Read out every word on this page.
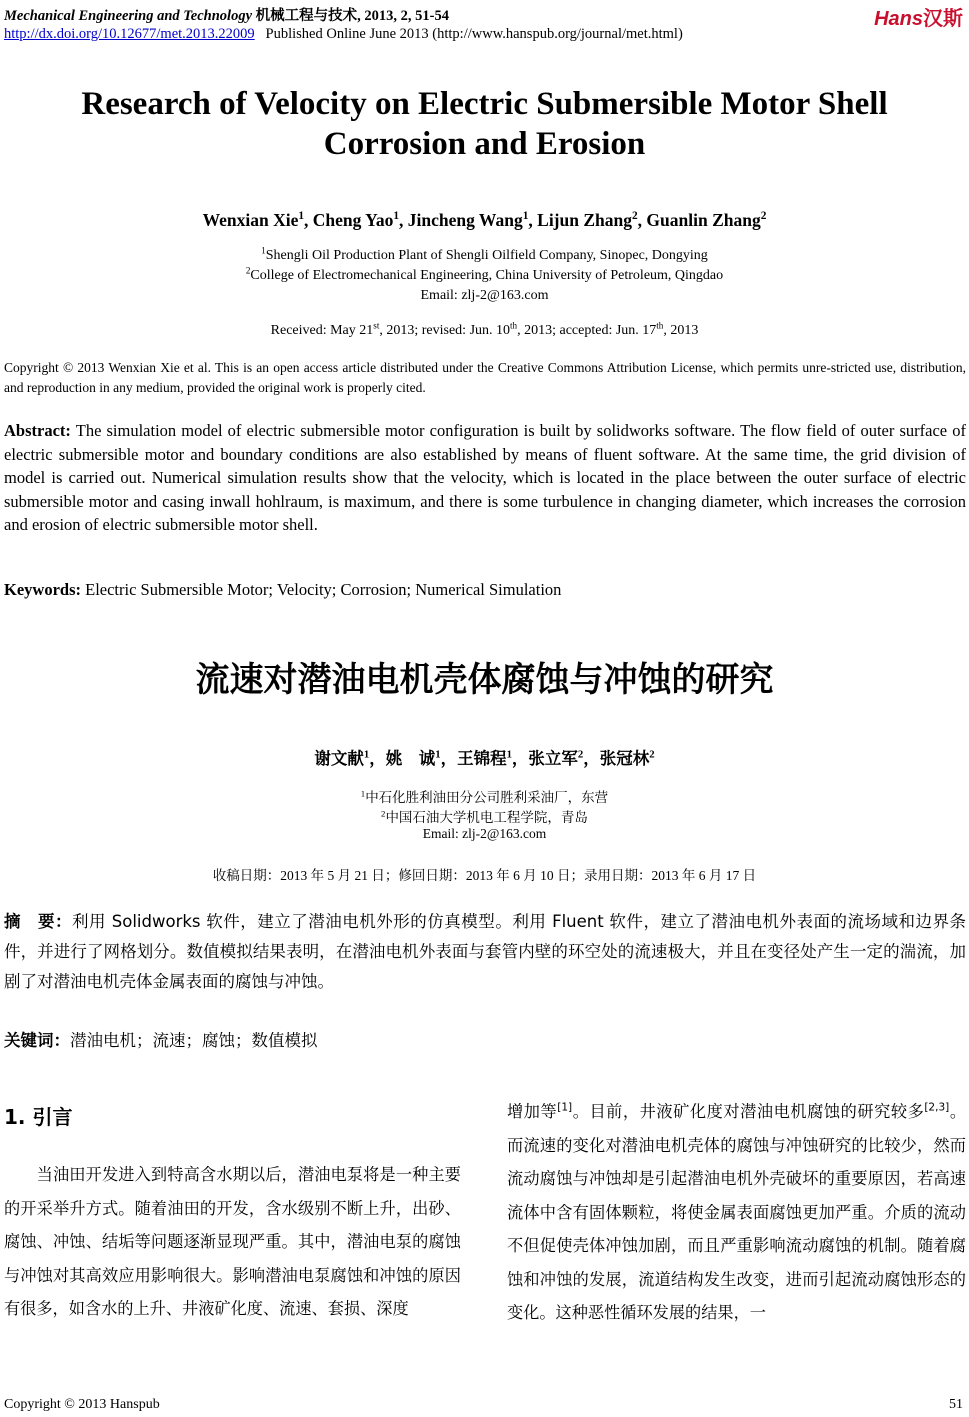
Mechanical Engineering and Technology 机械工程与技术, 2013, 2, 51-54
http://dx.doi.org/10.12677/met.2013.22009 Published Online June 2013 (http://www.hanspub.org/journal/met.html)
Hans汉斯
Research of Velocity on Electric Submersible Motor Shell
Corrosion and Erosion
Wenxian Xie$^1$, Cheng Yao$^1$, Jincheng Wang$^1$, Lijun Zhang$^2$, Guanlin Zhang$^2$
$^1$Shengli Oil Production Plant of Shengli Oilfield Company, Sinopec, Dongying
$^2$College of Electromechanical Engineering, China University of Petroleum, Qingdao
Email: zlj-2@163.com
Received: May 21st, 2013; revised: Jun. 10th, 2013; accepted: Jun. 17th, 2013
Copyright © 2013 Wenxian Xie et al. This is an open access article distributed under the Creative Commons Attribution License, which permits unre-stricted use, distribution, and reproduction in any medium, provided the original work is properly cited.
Abstract: The simulation model of electric submersible motor configuration is built by solidworks software. The flow field of outer surface of electric submersible motor and boundary conditions are also established by means of fluent software. At the same time, the grid division of model is carried out. Numerical simulation results show that the velocity, which is located in the place between the outer surface of electric submersible motor and casing inwall hohlraum, is maximum, and there is some turbulence in changing diameter, which increases the corrosion and erosion of electric submersible motor shell.
Keywords: Electric Submersible Motor; Velocity; Corrosion; Numerical Simulation
流速对潜油电机壳体腐蚀与冲蚀的研究
谢文献$^1$，姚　诚$^1$，王锦程$^1$，张立军$^2$，张冠林$^2$
$^1$中石化胜利油田分公司胜利采油厂，东营
$^2$中国石油大学机电工程学院，青岛
Email: zlj-2@163.com
收稿日期：2013 年 5 月 21 日；修回日期：2013 年 6 月 10 日；录用日期：2013 年 6 月 17 日
摘　要：利用 Solidworks 软件，建立了潜油电机外形的仿真模型。利用 Fluent 软件，建立了潜油电机外表面的流场域和边界条件，并进行了网格划分。数值模拟结果表明，在潜油电机外表面与套管内壁的环空处的流速极大，并且在变径处产生一定的湍流，加剧了对潜油电机壳体金属表面的腐蚀与冲蚀。
关键词：潜油电机；流速；腐蚀；数值模拟
1. 引言
　　当油田开发进入到特高含水期以后，潜油电泵将是一种主要的开采举升方式。随着油田的开发，含水级别不断上升，出砂、腐蚀、冲蚀、结垢等问题逐渐显现严重。其中，潜油电泵的腐蚀与冲蚀对其高效应用影响很大。影响潜油电泵腐蚀和冲蚀的原因有很多，如含水的上升、井液矿化度、流速、套损、深度
增加等[1]。目前，井液矿化度对潜油电机腐蚀的研究较多[2,3]。而流速的变化对潜油电机壳体的腐蚀与冲蚀研究的比较少，然而流动腐蚀与冲蚀却是引起潜油电机外壳破坏的重要原因，若高速流体中含有固体颗粒，将使金属表面腐蚀更加严重。介质的流动不但促使壳体冲蚀加剧，而且严重影响流动腐蚀的机制。随着腐蚀和冲蚀的发展，流道结构发生改变，进而引起流动腐蚀形态的变化。这种恶性循环发展的结果，一
Copyright © 2013 Hanspub	51
